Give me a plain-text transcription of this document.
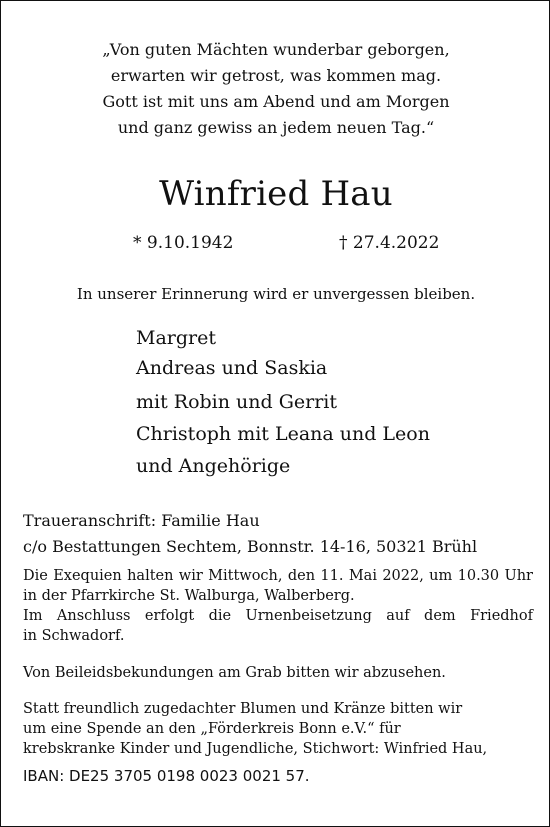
„Von guten Mächten wunderbar geborgen,
erwarten wir getrost, was kommen mag.
Gott ist mit uns am Abend und am Morgen
und ganz gewiss an jedem neuen Tag.“
Winfried Hau
* 9.10.1942	† 27.4.2022
In unserer Erinnerung wird er unvergessen bleiben.
Margret
Andreas und Saskia
mit Robin und Gerrit
Christoph mit Leana und Leon
und Angehörige
Traueranschrift: Familie Hau
c/o Bestattungen Sechtem, Bonnstr. 14-16, 50321 Brühl
Die Exequien halten wir Mittwoch, den 11. Mai 2022, um 10.30 Uhr
in der Pfarrkirche St. Walburga, Walberberg.
Im Anschluss erfolgt die Urnenbeisetzung auf dem Friedhof
in Schwadorf.
Von Beileidsbekundungen am Grab bitten wir abzusehen.
Statt freundlich zugedachter Blumen und Kränze bitten wir
um eine Spende an den „Förderkreis Bonn e.V.“ für
krebskranke Kinder und Jugendliche, Stichwort: Winfried Hau,
IBAN: DE25 3705 0198 0023 0021 57.
